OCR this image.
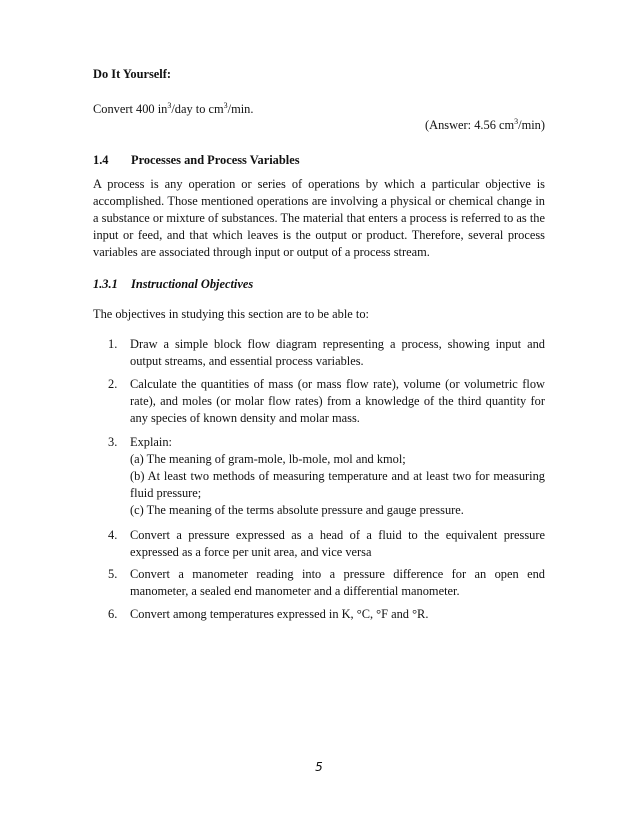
Do It Yourself:
Convert 400 $in^3$/day to $cm^3/\min$.
(Answer: 4.56 $cm^3/\min$)
1.4 Processes and Process Variables
A process is any operation or series of operations by which a particular objective is accomplished. Those mentioned operations are involving a physical or chemical change in a substance or mixture of substances. The material that enters a process is referred to as the input or feed, and that which leaves is the output or product. Therefore, several process variables are associated through input or output of a process stream.
1.3.1 Instructional Objectives
The objectives in studying this section are to be able to:
1.	Draw a simple block flow diagram representing a process, showing input and output streams, and essential process variables.
2.	Calculate the quantities of mass (or mass flow rate), volume (or volumetric flow rate), and moles (or molar flow rates) from a knowledge of the third quantity for any species of known density and molar mass.
3.	Explain:
(a) The meaning of gram-mole, lb-mole, mol and kmol;
(b) At least two methods of measuring temperature and at least two for measuring fluid pressure;
(c) The meaning of the terms absolute pressure and gauge pressure.
4.	Convert a pressure expressed as a head of a fluid to the equivalent pressure expressed as a force per unit area, and vice versa
5.	Convert a manometer reading into a pressure difference for an open end manometer, a sealed end manometer and a differential manometer.
6.	Convert among temperatures expressed in K, °C, °F and °R.
5
